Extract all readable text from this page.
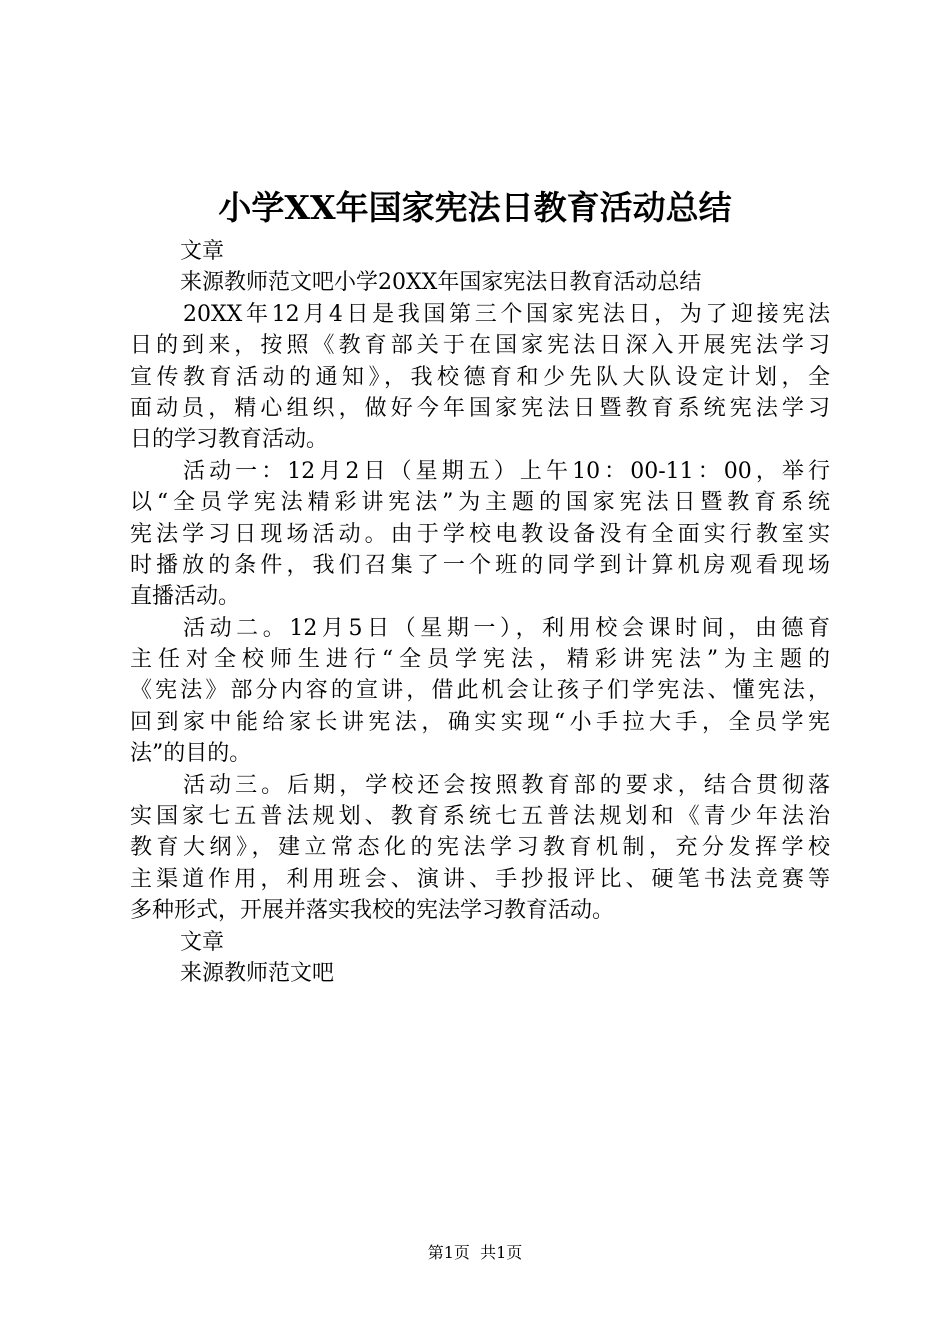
小学XX年国家宪法日教育活动总结
文章
来源教师范文吧小学20XX年国家宪法日教育活动总结
20XX年12月4日是我国第三个国家宪法日，为了迎接宪法
日的到来，按照《教育部关于在国家宪法日深入开展宪法学习
宣传教育活动的通知》，我校德育和少先队大队设定计划，全
面动员，精心组织，做好今年国家宪法日暨教育系统宪法学习
日的学习教育活动。
活动一：12月2日（星期五）上午10：00-11：00，举行
以“全员学宪法精彩讲宪法”为主题的国家宪法日暨教育系统
宪法学习日现场活动。由于学校电教设备没有全面实行教室实
时播放的条件，我们召集了一个班的同学到计算机房观看现场
直播活动。
活动二。12月5日（星期一），利用校会课时间，由德育
主任对全校师生进行“全员学宪法，精彩讲宪法”为主题的
《宪法》部分内容的宣讲，借此机会让孩子们学宪法、懂宪法，
回到家中能给家长讲宪法，确实实现“小手拉大手，全员学宪
法”的目的。
活动三。后期，学校还会按照教育部的要求，结合贯彻落
实国家七五普法规划、教育系统七五普法规划和《青少年法治
教育大纲》，建立常态化的宪法学习教育机制，充分发挥学校
主渠道作用，利用班会、演讲、手抄报评比、硬笔书法竞赛等
多种形式，开展并落实我校的宪法学习教育活动。
文章
来源教师范文吧
第1页  共1页
